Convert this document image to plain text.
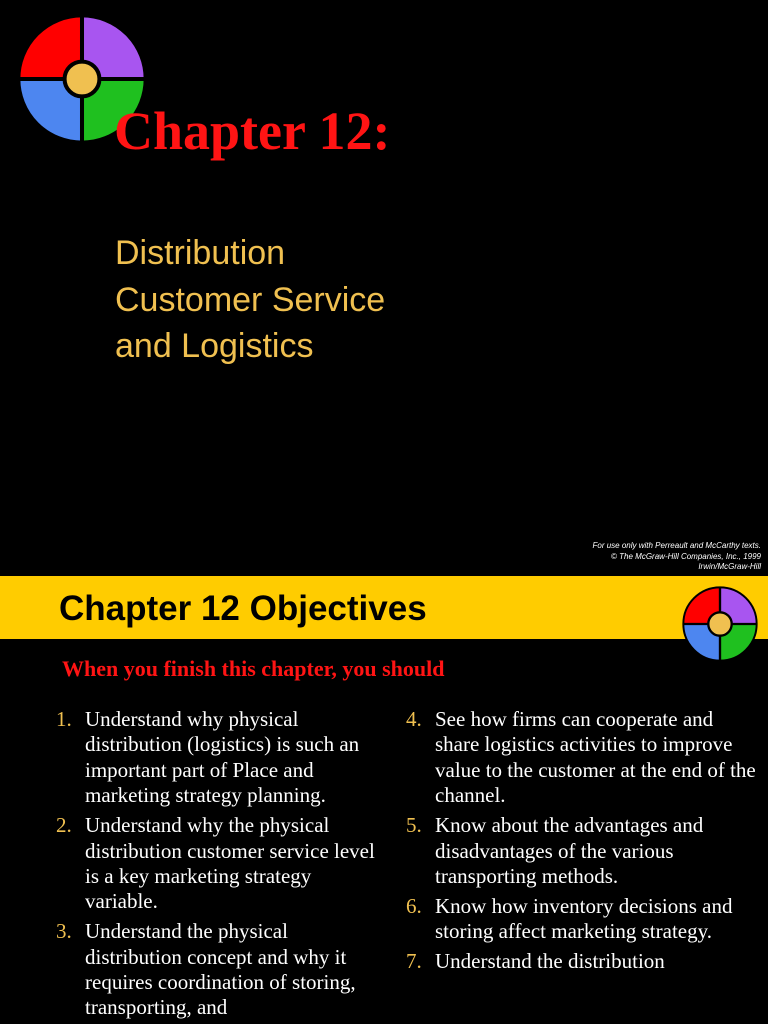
Chapter 12:
Distribution
Customer Service
and Logistics
For use only with Perreault and McCarthy texts.
© The McGraw-Hill Companies, Inc., 1999
Irwin/McGraw-Hill
Chapter 12 Objectives
When you finish this chapter, you should
1. Understand why physical distribution (logistics) is such an important part of Place and marketing strategy planning.
2. Understand why the physical distribution customer service level is a key marketing strategy variable.
3. Understand the physical distribution concept and why it requires coordination of storing, transporting, and
4. See how firms can cooperate and share logistics activities to improve value to the customer at the end of the channel.
5. Know about the advantages and disadvantages of the various transporting methods.
6. Know how inventory decisions and storing affect marketing strategy.
7. Understand the distribution
